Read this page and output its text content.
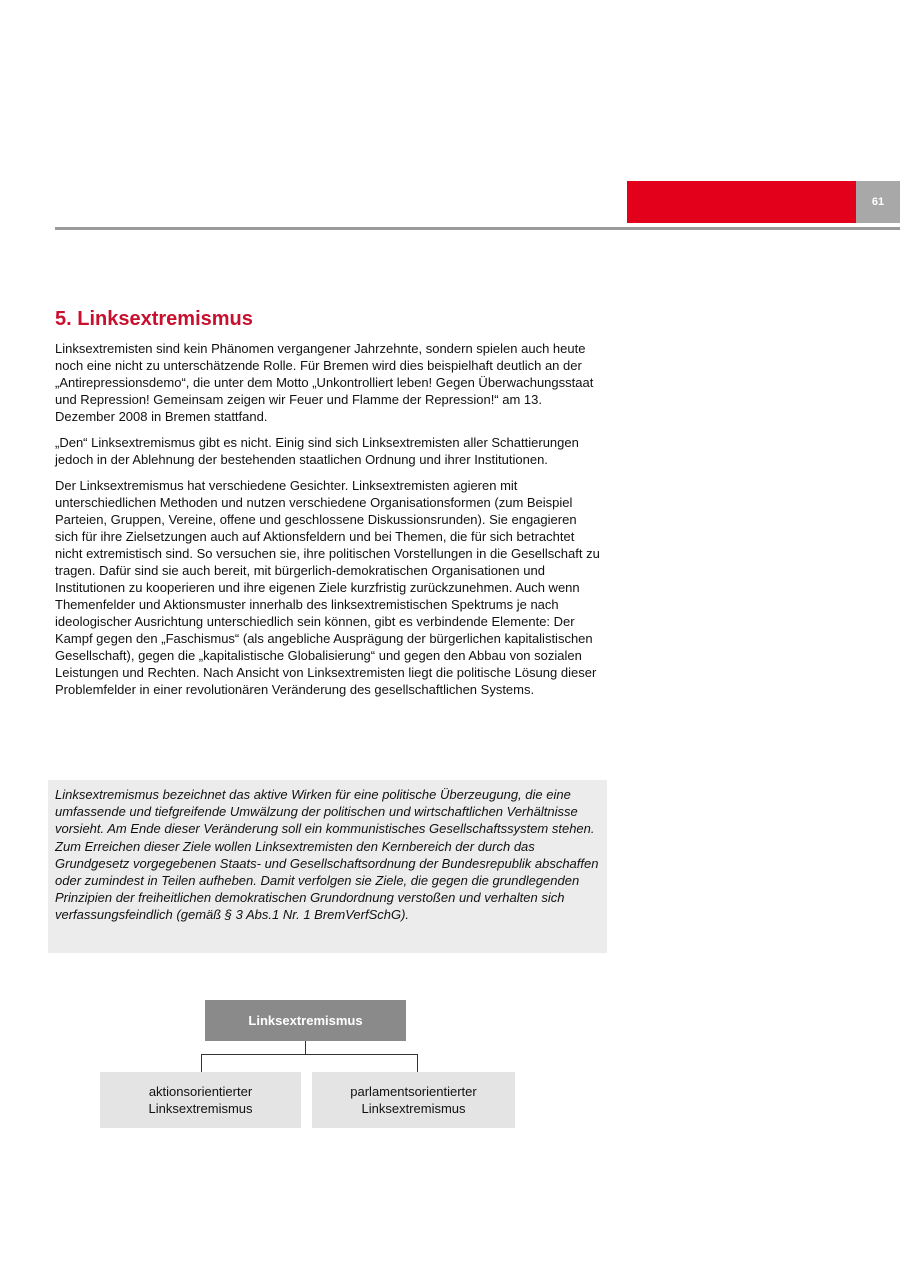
61
5. Linksextremismus

Linksextremisten sind kein Phänomen vergangener Jahrzehnte, sondern spielen auch heute noch eine nicht zu unterschätzende Rolle. Für Bremen wird dies beispielhaft deutlich an der „Antirepressionsdemo“, die unter dem Motto „Unkontrolliert leben! Gegen Überwachungsstaat und Repression! Gemeinsam zeigen wir Feuer und Flamme der Repression!“ am 13. Dezember 2008 in Bremen stattfand.

„Den“ Linksextremismus gibt es nicht. Einig sind sich Linksextremisten aller Schattierungen jedoch in der Ablehnung der bestehenden staatlichen Ordnung und ihrer Institutionen.

Der Linksextremismus hat verschiedene Gesichter. Linksextremisten agieren mit unterschiedlichen Methoden und nutzen verschiedene Organisationsformen (zum Beispiel Parteien, Gruppen, Vereine, offene und geschlossene Diskussionsrunden). Sie engagieren sich für ihre Zielsetzungen auch auf Aktionsfeldern und bei Themen, die für sich betrachtet nicht extremistisch sind. So versuchen sie, ihre politischen Vorstellungen in die Gesellschaft zu tragen. Dafür sind sie auch bereit, mit bürgerlich-demokratischen Organisationen und Institutionen zu kooperieren und ihre eigenen Ziele kurzfristig zurückzunehmen. Auch wenn Themenfelder und Aktionsmuster innerhalb des linksextremistischen Spektrums je nach ideologischer Ausrichtung unterschiedlich sein können, gibt es verbindende Elemente: Der Kampf gegen den „Faschismus“ (als angebliche Ausprägung der bürgerlichen kapitalistischen Gesellschaft), gegen die „kapitalistische Globalisierung“ und gegen den Abbau von sozialen Leistungen und Rechten. Nach Ansicht von Linksextremisten liegt die politische Lösung dieser Problemfelder in einer revolutionären Veränderung des gesellschaftlichen Systems.

Linksextremismus bezeichnet das aktive Wirken für eine politische Überzeugung, die eine umfassende und tiefgreifende Umwälzung der politischen und wirtschaftlichen Verhältnisse vorsieht. Am Ende dieser Veränderung soll ein kommunistisches Gesellschaftssystem stehen. Zum Erreichen dieser Ziele wollen Linksextremisten den Kernbereich der durch das Grundgesetz vorgegebenen Staats- und Gesellschaftsordnung der Bundesrepublik abschaffen oder zumindest in Teilen aufheben. Damit verfolgen sie Ziele, die gegen die grundlegenden Prinzipien der freiheitlichen demokratischen Grundordnung verstoßen und verhalten sich verfassungsfeindlich (gemäß § 3 Abs.1 Nr. 1 BremVerfSchG).

Linksextremismus
aktionsorientierter
Linksextremismus
parlamentsorientierter
Linksextremismus
